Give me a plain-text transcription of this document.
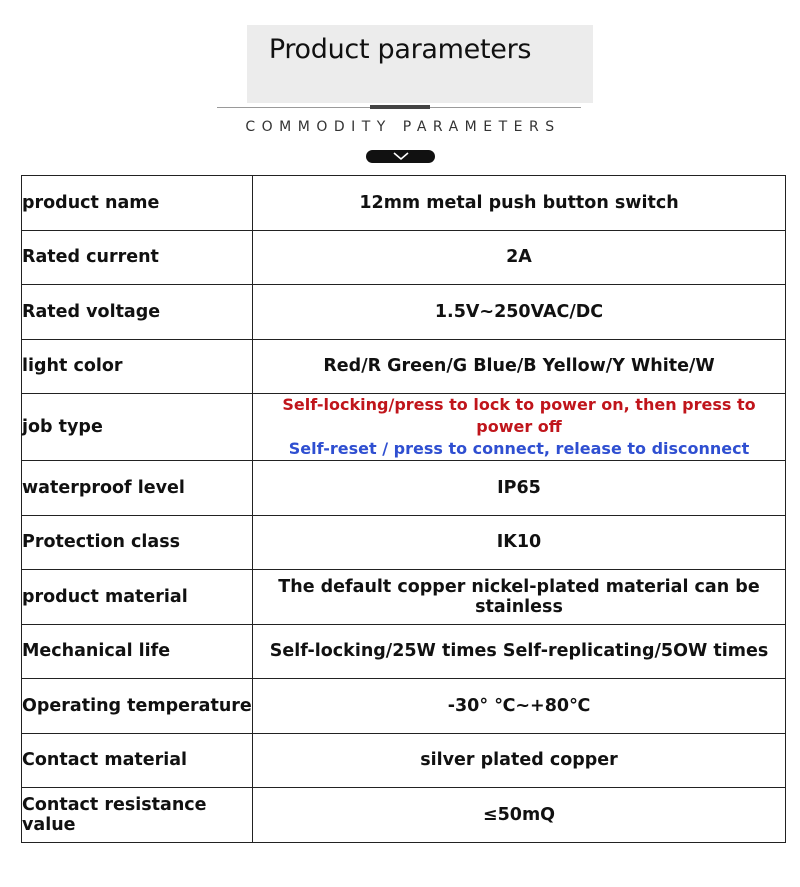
Product parameters
COMMODITY PARAMETERS
product name	12mm metal push button switch
Rated current	2A
Rated voltage	1.5V~250VAC/DC
light color	Red/R Green/G Blue/B Yellow/Y White/W
job type	Self-locking/press to lock to power on, then press to power off
Self-reset / press to connect, release to disconnect

waterproof level	IP65
Protection class	IK10
product material	The default copper nickel-plated material can be stainless
Mechanical life	Self-locking/25W times Self-replicating/5OW times
Operating temperature	-30° ℃~+80℃
Contact material	silver plated copper
Contact resistance value	≤50mQ
